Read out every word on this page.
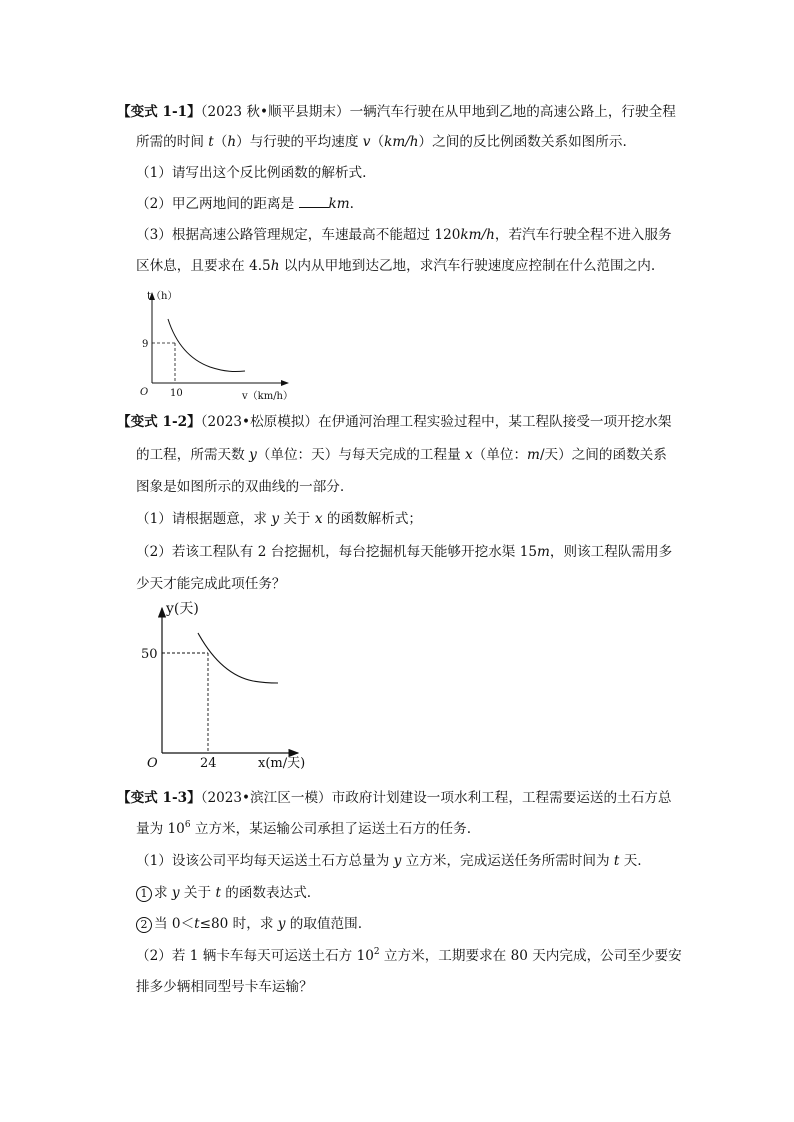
【变式 1-1】（2023 秋•顺平县期末）一辆汽车行驶在从甲地到乙地的高速公路上，行驶全程
所需的时间 t（h）与行驶的平均速度 v（km/h）之间的反比例函数关系如图所示.
（1）请写出这个反比例函数的解析式.
（2）甲乙两地间的距离是 km.
（3）根据高速公路管理规定，车速最高不能超过 120km/h，若汽车行驶全程不进入服务
区休息，且要求在 4.5h 以内从甲地到达乙地，求汽车行驶速度应控制在什么范围之内.
t（h）
9
O 10	v（km/h）
【变式 1-2】（2023•松原模拟）在伊通河治理工程实验过程中，某工程队接受一项开挖水架
的工程，所需天数 y（单位：天）与每天完成的工程量 x（单位：m/天）之间的函数关系
图象是如图所示的双曲线的一部分.
（1）请根据题意，求 y 关于 x 的函数解析式；
（2）若该工程队有 2 台挖掘机，每台挖掘机每天能够开挖水渠 15m，则该工程队需用多
少天才能完成此项任务？
y(天)
50
O	24	x(m/天)
【变式 1-3】（2023•滨江区一模）市政府计划建设一项水利工程，工程需要运送的土石方总
量为 $10^6$ 立方米，某运输公司承担了运送土石方的任务.
（1）设该公司平均每天运送土石方总量为 y 立方米，完成运送任务所需时间为 t 天.
1 求 y 关于 t 的函数表达式.
2 当 0＜t≤80 时，求 y 的取值范围.
（2）若 1 辆卡车每天可运送土石方 $10^2$ 立方米，工期要求在 80 天内完成，公司至少要安
排多少辆相同型号卡车运输？
